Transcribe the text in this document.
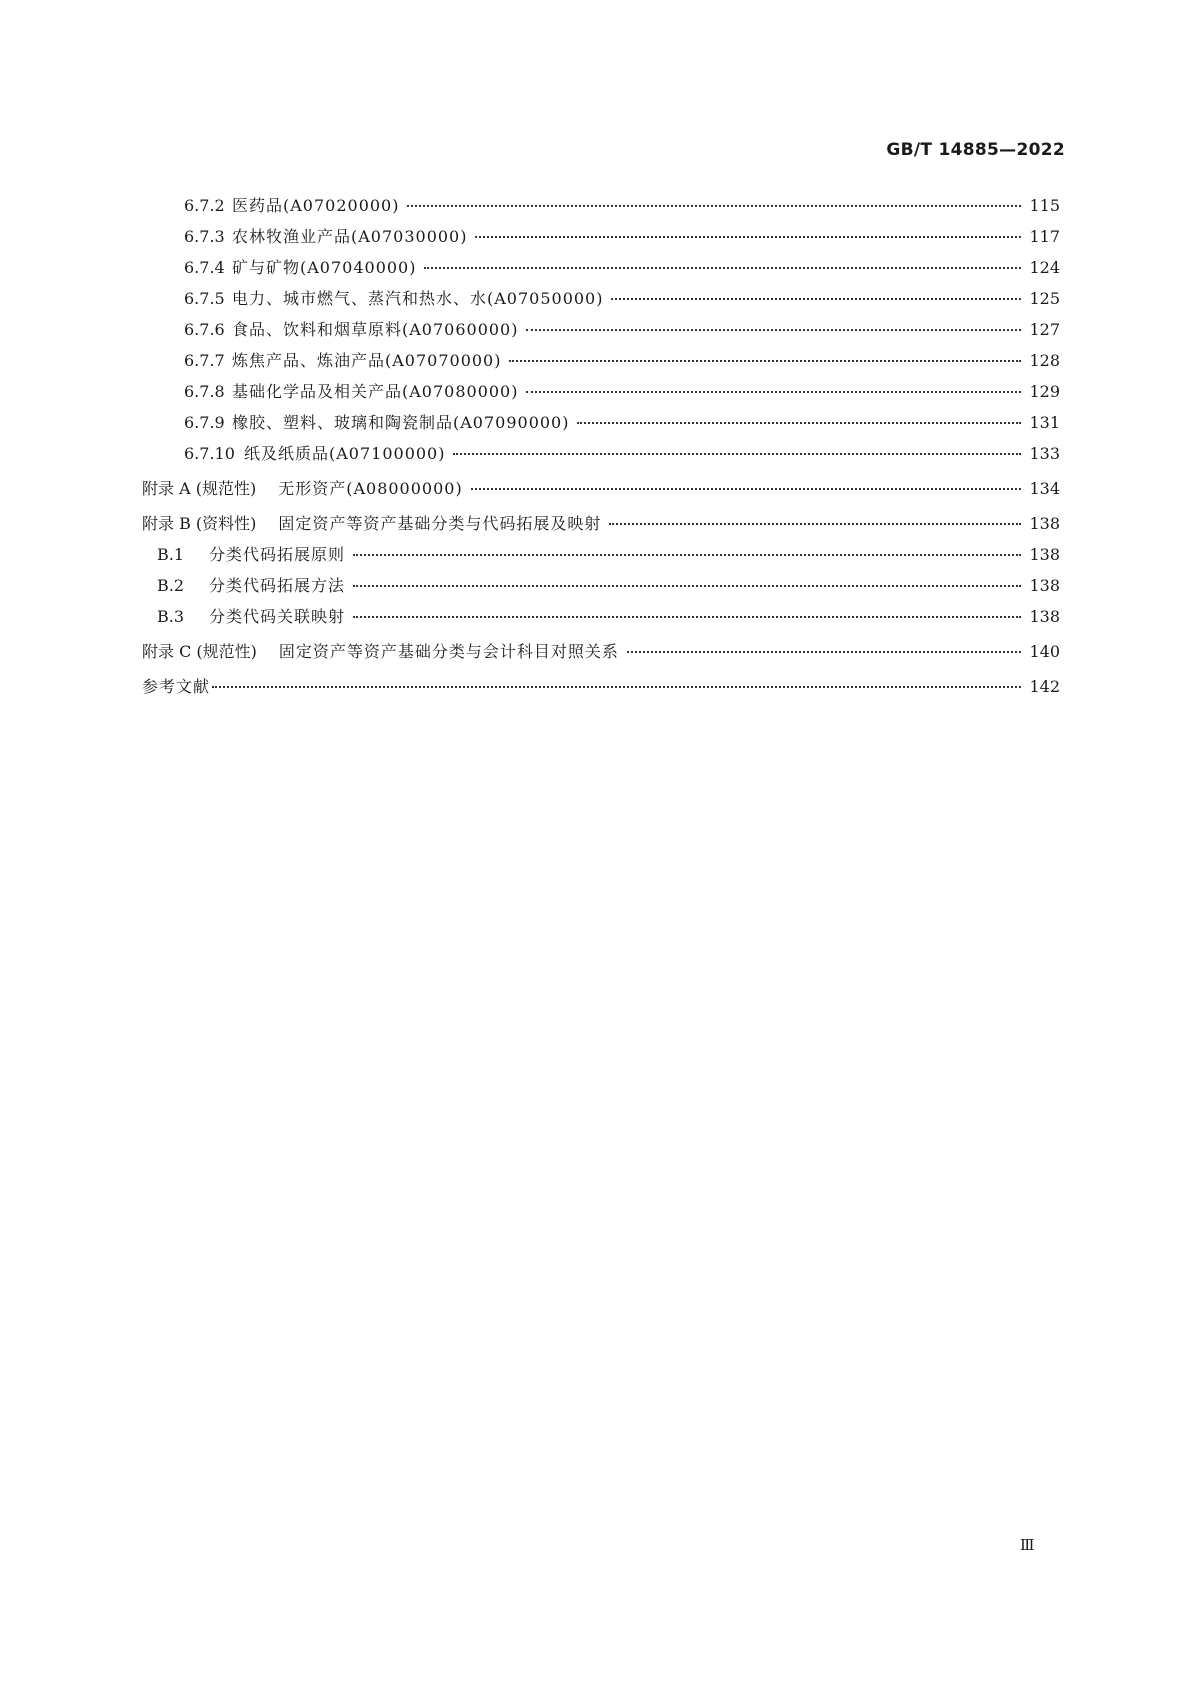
GB/T 14885—2022
6.7.2 医药品(A07020000)	115
6.7.3 农林牧渔业产品(A07030000)	117
6.7.4 矿与矿物(A07040000)	124
6.7.5 电力、城市燃气、蒸汽和热水、水(A07050000)	125
6.7.6 食品、饮料和烟草原料(A07060000)	127
6.7.7 炼焦产品、炼油产品(A07070000)	128
6.7.8 基础化学品及相关产品(A07080000)	129
6.7.9 橡胶、塑料、玻璃和陶瓷制品(A07090000)	131
6.7.10 纸及纸质品(A07100000)	133
附录 A (规范性) 无形资产(A08000000)	134
附录 B (资料性) 固定资产等资产基础分类与代码拓展及映射	138
B.1	分类代码拓展原则	138
B.2	分类代码拓展方法	138
B.3	分类代码关联映射	138
附录 C (规范性) 固定资产等资产基础分类与会计科目对照关系	140
参考文献	142
Ⅲ
